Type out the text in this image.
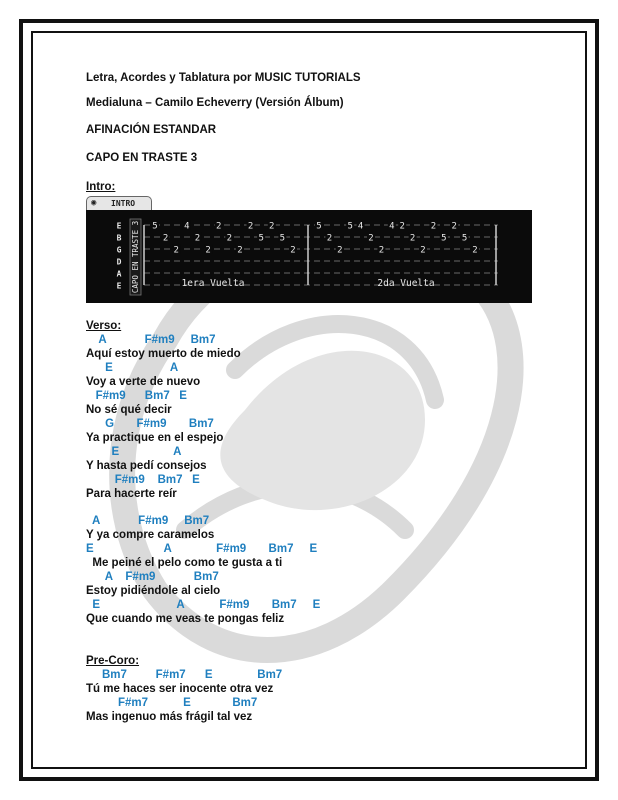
Letra, Acordes y Tablatura por MUSIC TUTORIALS
Medialuna – Camilo Echeverry (Versión Álbum)
AFINACIÓN ESTANDAR
CAPO EN TRASTE 3
Intro:
◉ INTRO
E
B
G
D
A
E CAPO EN TRASTE 3 5
2
2
4
2
2
2
2
2
2
5
2
5
2
5
2
2
5 4
2
2
4 2
2
2
2
5
2
5
2
1era Vuelta	2da Vuelta
Verso:
A            F#m9     Bm7
Aquí estoy muerto de miedo
E                  A
Voy a verte de nuevo
F#m9      Bm7   E
No sé qué decir
G       F#m9       Bm7
Ya practique en el espejo
E                 A
Y hasta pedí consejos
F#m9    Bm7   E
Para hacerte reír
A            F#m9     Bm7
Y ya compre caramelos
E                      A              F#m9       Bm7     E
Me peiné el pelo como te gusta a ti
A    F#m9            Bm7
Estoy pidiéndole al cielo
E                        A           F#m9       Bm7     E
Que cuando me veas te pongas feliz
Pre-Coro:
Bm7         F#m7      E              Bm7
Tú me haces ser inocente otra vez
F#m7           E             Bm7
Mas ingenuo más frágil tal vez
